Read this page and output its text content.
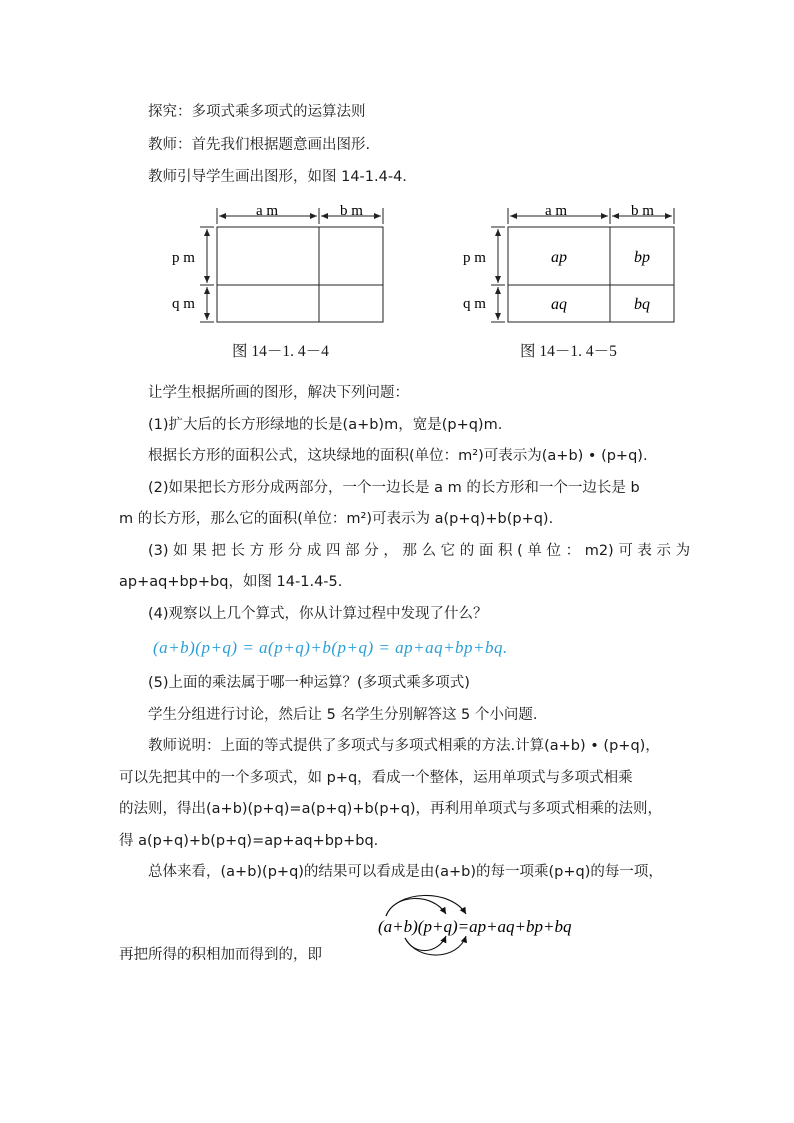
探究：多项式乘多项式的运算法则
教师：首先我们根据题意画出图形.
教师引导学生画出图形，如图 14-1.4-4.
a m	b m
p m
q m
图 14－1. 4－4
a m	b m
p m
q m
ap	bp
aq	bq
图 14－1. 4－5
让学生根据所画的图形，解决下列问题：
(1)扩大后的长方形绿地的长是(a+b)m，宽是(p+q)m.
根据长方形的面积公式，这块绿地的面积(单位：m²)可表示为(a+b) • (p+q).
(2)如果把长方形分成两部分，一个一边长是 a m 的长方形和一个一边长是 b
m 的长方形，那么它的面积(单位：m²)可表示为 a(p+q)+b(p+q).
(3) 如 果 把 长 方 形 分 成 四 部 分 ， 那 么 它 的 面 积 ( 单 位 ： m2) 可 表 示 为
ap+aq+bp+bq，如图 14-1.4-5.
(4)观察以上几个算式，你从计算过程中发现了什么？
(a+b)(p+q) = a(p+q)+b(p+q) = ap+aq+bp+bq.
(5)上面的乘法属于哪一种运算？(多项式乘多项式)
学生分组进行讨论，然后让 5 名学生分别解答这 5 个小问题.
教师说明：上面的等式提供了多项式与多项式相乘的方法.计算(a+b) • (p+q)，
可以先把其中的一个多项式，如 p+q，看成一个整体，运用单项式与多项式相乘
的法则，得出(a+b)(p+q)=a(p+q)+b(p+q)，再利用单项式与多项式相乘的法则，
得 a(p+q)+b(p+q)=ap+aq+bp+bq.
总体来看，(a+b)(p+q)的结果可以看成是由(a+b)的每一项乘(p+q)的每一项，
(a+b)(p+q)=ap+aq+bp+bq
再把所得的积相加而得到的，即
